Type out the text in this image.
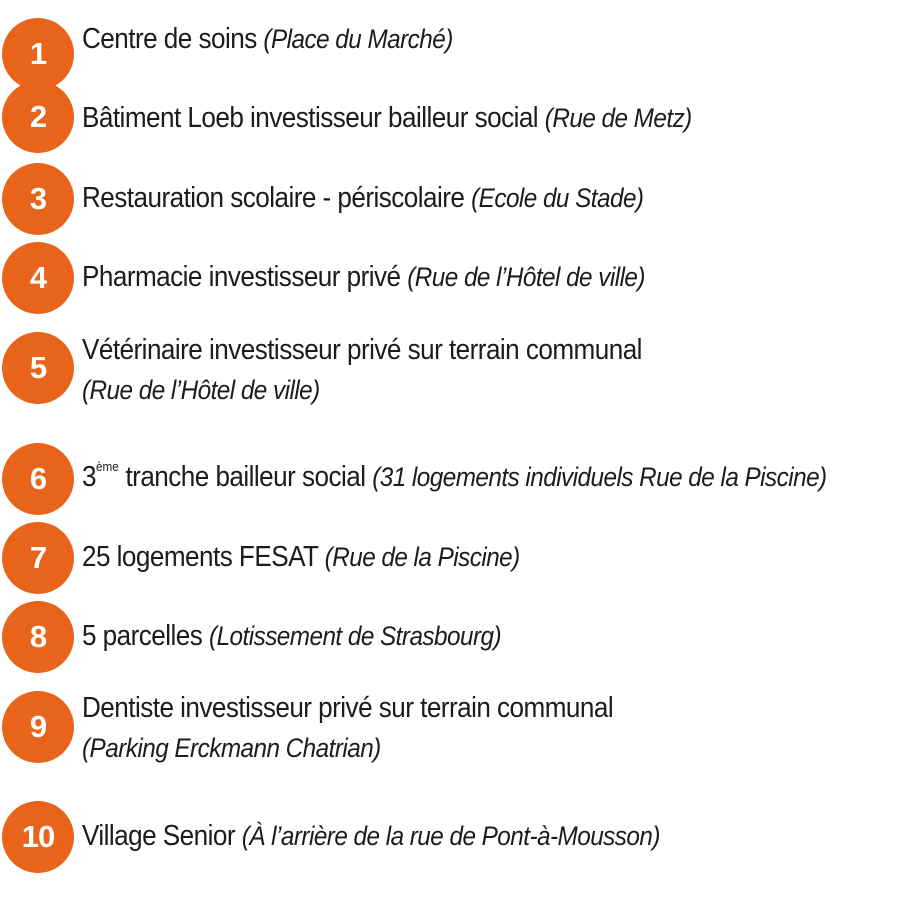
1	Centre de soins (Place du Marché)
2	Bâtiment Loeb investisseur bailleur social (Rue de Metz)
3	Restauration scolaire - périscolaire (Ecole du Stade)
4	Pharmacie investisseur privé (Rue de l’Hôtel de ville)
5	Vétérinaire investisseur privé sur terrain communal
(Rue de l’Hôtel de ville)
6	3ème tranche bailleur social (31 logements individuels Rue de la Piscine)
7	25 logements FESAT (Rue de la Piscine)
8	5 parcelles (Lotissement de Strasbourg)
9
Dentiste investisseur privé sur terrain communal
(Parking Erckmann Chatrian)
10 Village Senior (À l’arrière de la rue de Pont-à-Mousson)
